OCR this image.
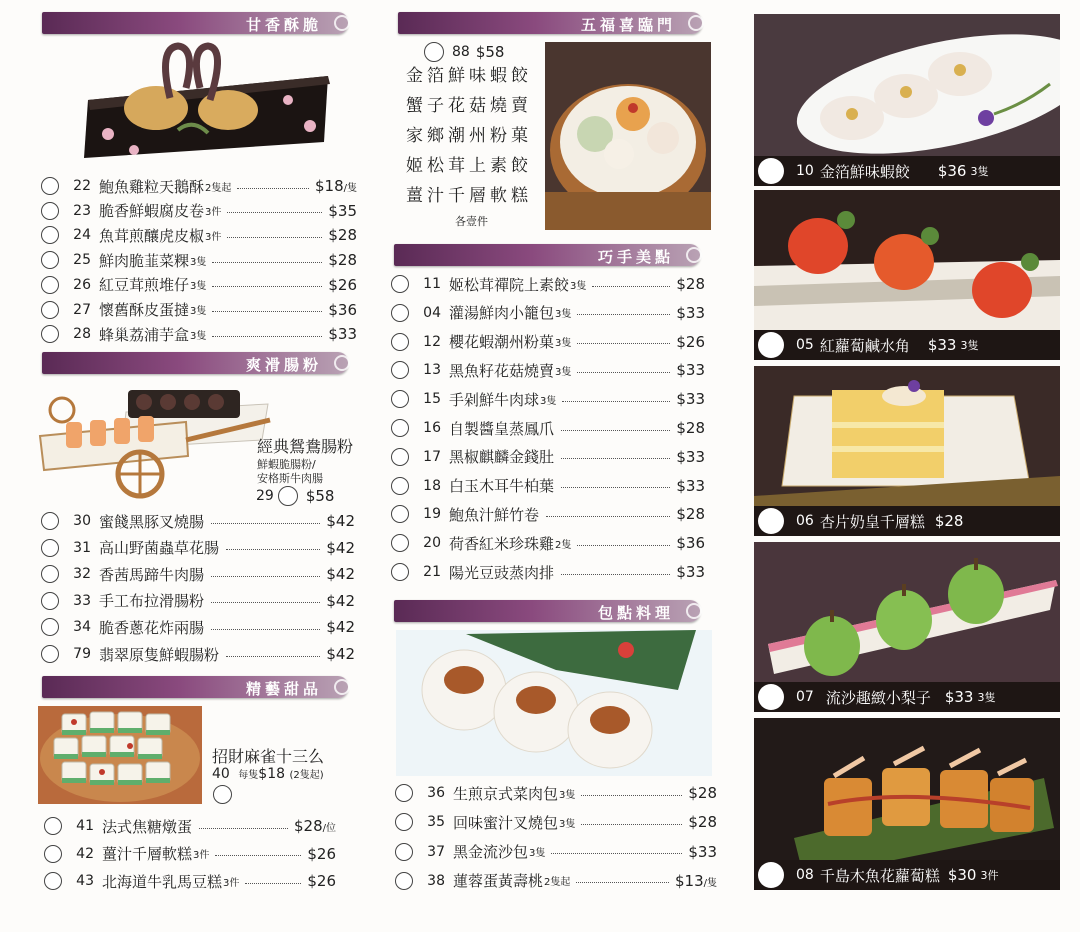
甘香酥脆
22 鮑魚雞粒天鵝酥 2隻起	$18/隻
23 脆香鮮蝦腐皮卷 3件	$35
24 魚茸煎釀虎皮椒 3件	$28
25 鮮肉脆韮菜粿 3隻	$28
26 紅豆茸煎堆仔 3隻	$26
27 懷舊酥皮蛋撻 3隻	$36
28 蜂巢荔浦芋盒 3隻	$33
爽滑腸粉
經典鴛鴦腸粉
鮮蝦脆腸粉/
安格斯牛肉腸
29 $58
30 蜜餞黑豚叉燒腸	$42
31 高山野菌蟲草花腸	$42
32 香茜馬蹄牛肉腸	$42
33 手工布拉滑腸粉	$42
34 脆香蔥花炸兩腸	$42
79 翡翠原隻鮮蝦腸粉	$42
精藝甜品
招財麻雀十三么
40 每隻$18 (2隻起)
41 法式焦糖燉蛋	$28/位
42 薑汁千層軟糕 3件	$26
43 北海道牛乳馬豆糕 3件	$26
五福喜臨門
88 $58
金箔鮮味蝦餃
蟹子花菇燒賣
家鄉潮州粉菓
姬松茸上素餃
薑汁千層軟糕
各壹件
巧手美點
11 姬松茸禪院上素餃 3隻	$28
04 灌湯鮮肉小籠包 3隻	$33
12 櫻花蝦潮州粉菓 3隻	$26
13 黑魚籽花菇燒賣 3隻	$33
15 手剁鮮牛肉球 3隻	$33
16 自製醬皇蒸鳳爪	$28
17 黑椒麒麟金錢肚	$33
18 白玉木耳牛柏葉	$33
19 鮑魚汁鮮竹卷	$28
20 荷香紅米珍珠雞 2隻	$36
21 陽光豆豉蒸肉排	$33
包點料理
36 生煎京式菜肉包 3隻	$28
35 回味蜜汁叉燒包 3隻	$28
37 黑金流沙包 3隻	$33
38 蓮蓉蛋黃壽桃 2隻起	$13/隻
10 金箔鮮味蝦餃 $36 3隻
05 紅蘿蔔鹹水角 $33 3隻
06 杏片奶皇千層糕 $28
07 流沙趣緻小梨子 $33 3隻
08 千島木魚花蘿蔔糕 $30 3件
